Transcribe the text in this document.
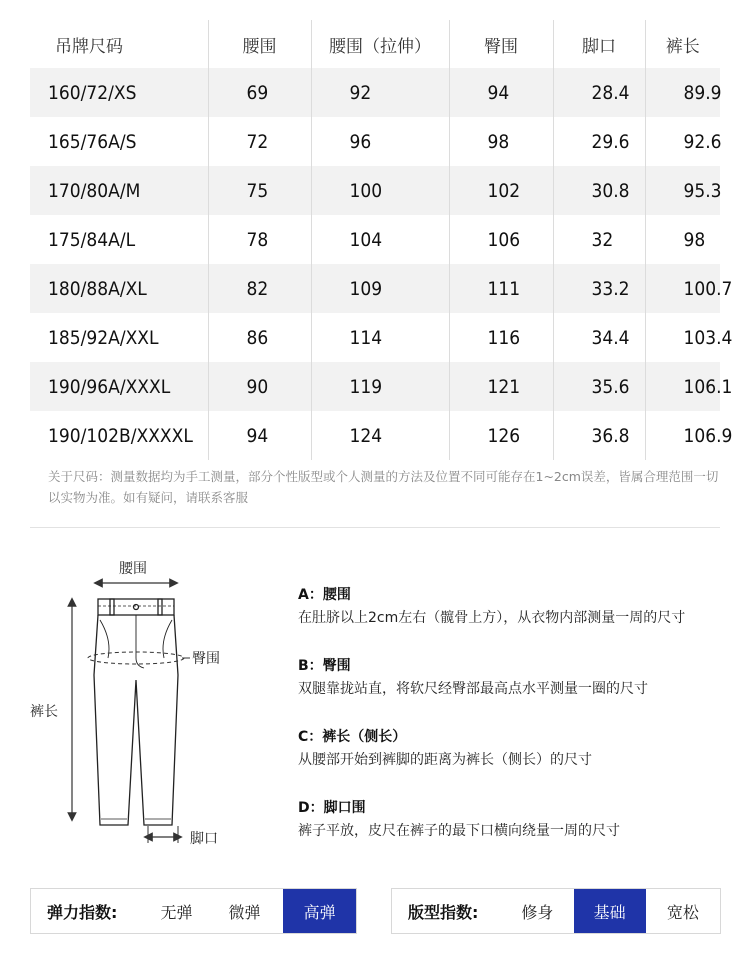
吊牌尺码	腰围	腰围（拉伸）	臀围	脚口	裤长
160/72/XS	69	92	94	28.4	89.9
165/76A/S	72	96	98	29.6	92.6
170/80A/M	75	100	102	30.8	95.3
175/84A/L	78	104	106	32	98
180/88A/XL	82	109	111	33.2	100.7
185/92A/XXL	86	114	116	34.4	103.4
190/96A/XXXL	90	119	121	35.6	106.1
190/102B/XXXXL	94	124	126	36.8	106.9
关于尺码：测量数据均为手工测量，部分个性版型或个人测量的方法及位置不同可能存在1~2cm误差，皆属合理范围一切以实物为准。如有疑问，请联系客服
腰围
臀围
裤长
脚口
A：腰围
在肚脐以上2cm左右（髋骨上方），从衣物内部测量一周的尺寸
B：臀围
双腿靠拢站直，将软尺经臀部最高点水平测量一圈的尺寸
C：裤长（侧长）
从腰部开始到裤脚的距离为裤长（侧长）的尺寸
D：脚口围
裤子平放，皮尺在裤子的最下口横向绕量一周的尺寸
弹力指数:	无弹	微弹	高弹	版型指数:	修身	基础	宽松
